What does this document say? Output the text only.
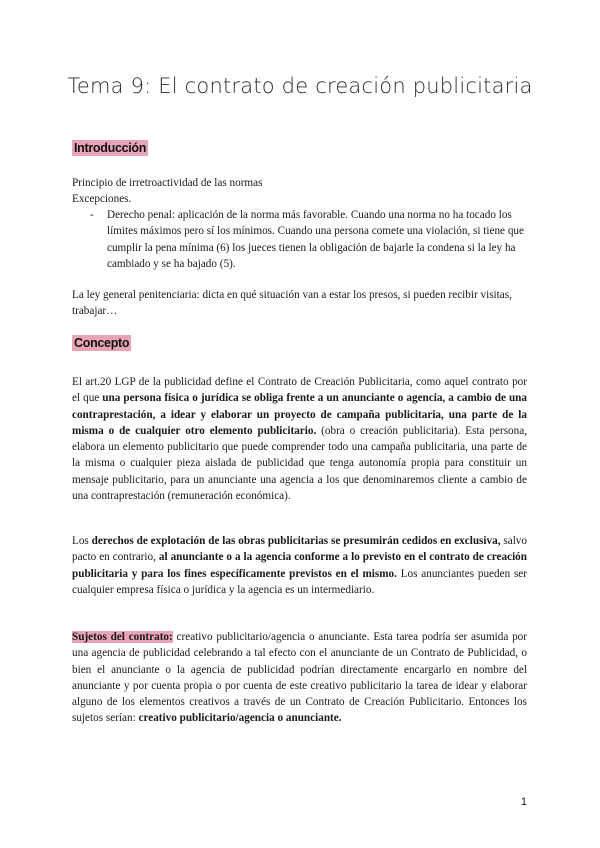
Tema 9: El contrato de creación publicitaria
Introducción

Principio de irretroactividad de las normas

Excepciones.

- Derecho penal: aplicación de la norma más favorable. Cuando una norma no ha tocado los límites máximos pero sí los mínimos. Cuando una persona comete una violación, si tiene que cumplir la pena mínima (6) los jueces tienen la obligación de bajarle la condena si la ley ha cambiado y se ha bajado (5).

La ley general penitenciaria: dicta en qué situación van a estar los presos, si pueden recibir visitas, trabajar…

Concepto

El art.20 LGP de la publicidad define el Contrato de Creación Publicitaria, como aquel contrato por el que una persona física o jurídica se obliga frente a un anunciante o agencia, a cambio de una contraprestación, a idear y elaborar un proyecto de campaña publicitaria, una parte de la misma o de cualquier otro elemento publicitario. (obra o creación publicitaria). Esta persona, elabora un elemento publicitario que puede comprender todo una campaña publicitaria, una parte de la misma o cualquier pieza aislada de publicidad que tenga autonomía propia para constituir un mensaje publicitario, para un anunciante una agencia a los que denominaremos cliente a cambio de una contraprestación (remuneración económica).

Los derechos de explotación de las obras publicitarias se presumirán cedidos en exclusiva, salvo pacto en contrario, al anunciante o a la agencia conforme a lo previsto en el contrato de creación publicitaria y para los fines específicamente previstos en el mismo. Los anunciantes pueden ser cualquier empresa física o jurídica y la agencia es un intermediario.

Sujetos del contrato: creativo publicitario/agencia o anunciante. Esta tarea podría ser asumida por una agencia de publicidad celebrando a tal efecto con el anunciante de un Contrato de Publicidad, o bien el anunciante o la agencia de publicidad podrían directamente encargarlo en nombre del anunciante y por cuenta propia o por cuenta de este creativo publicitario la tarea de idear y elaborar alguno de los elementos creativos a través de un Contrato de Creación Publicitario. Entonces los sujetos serían: creativo publicitario/agencia o anunciante.

1
